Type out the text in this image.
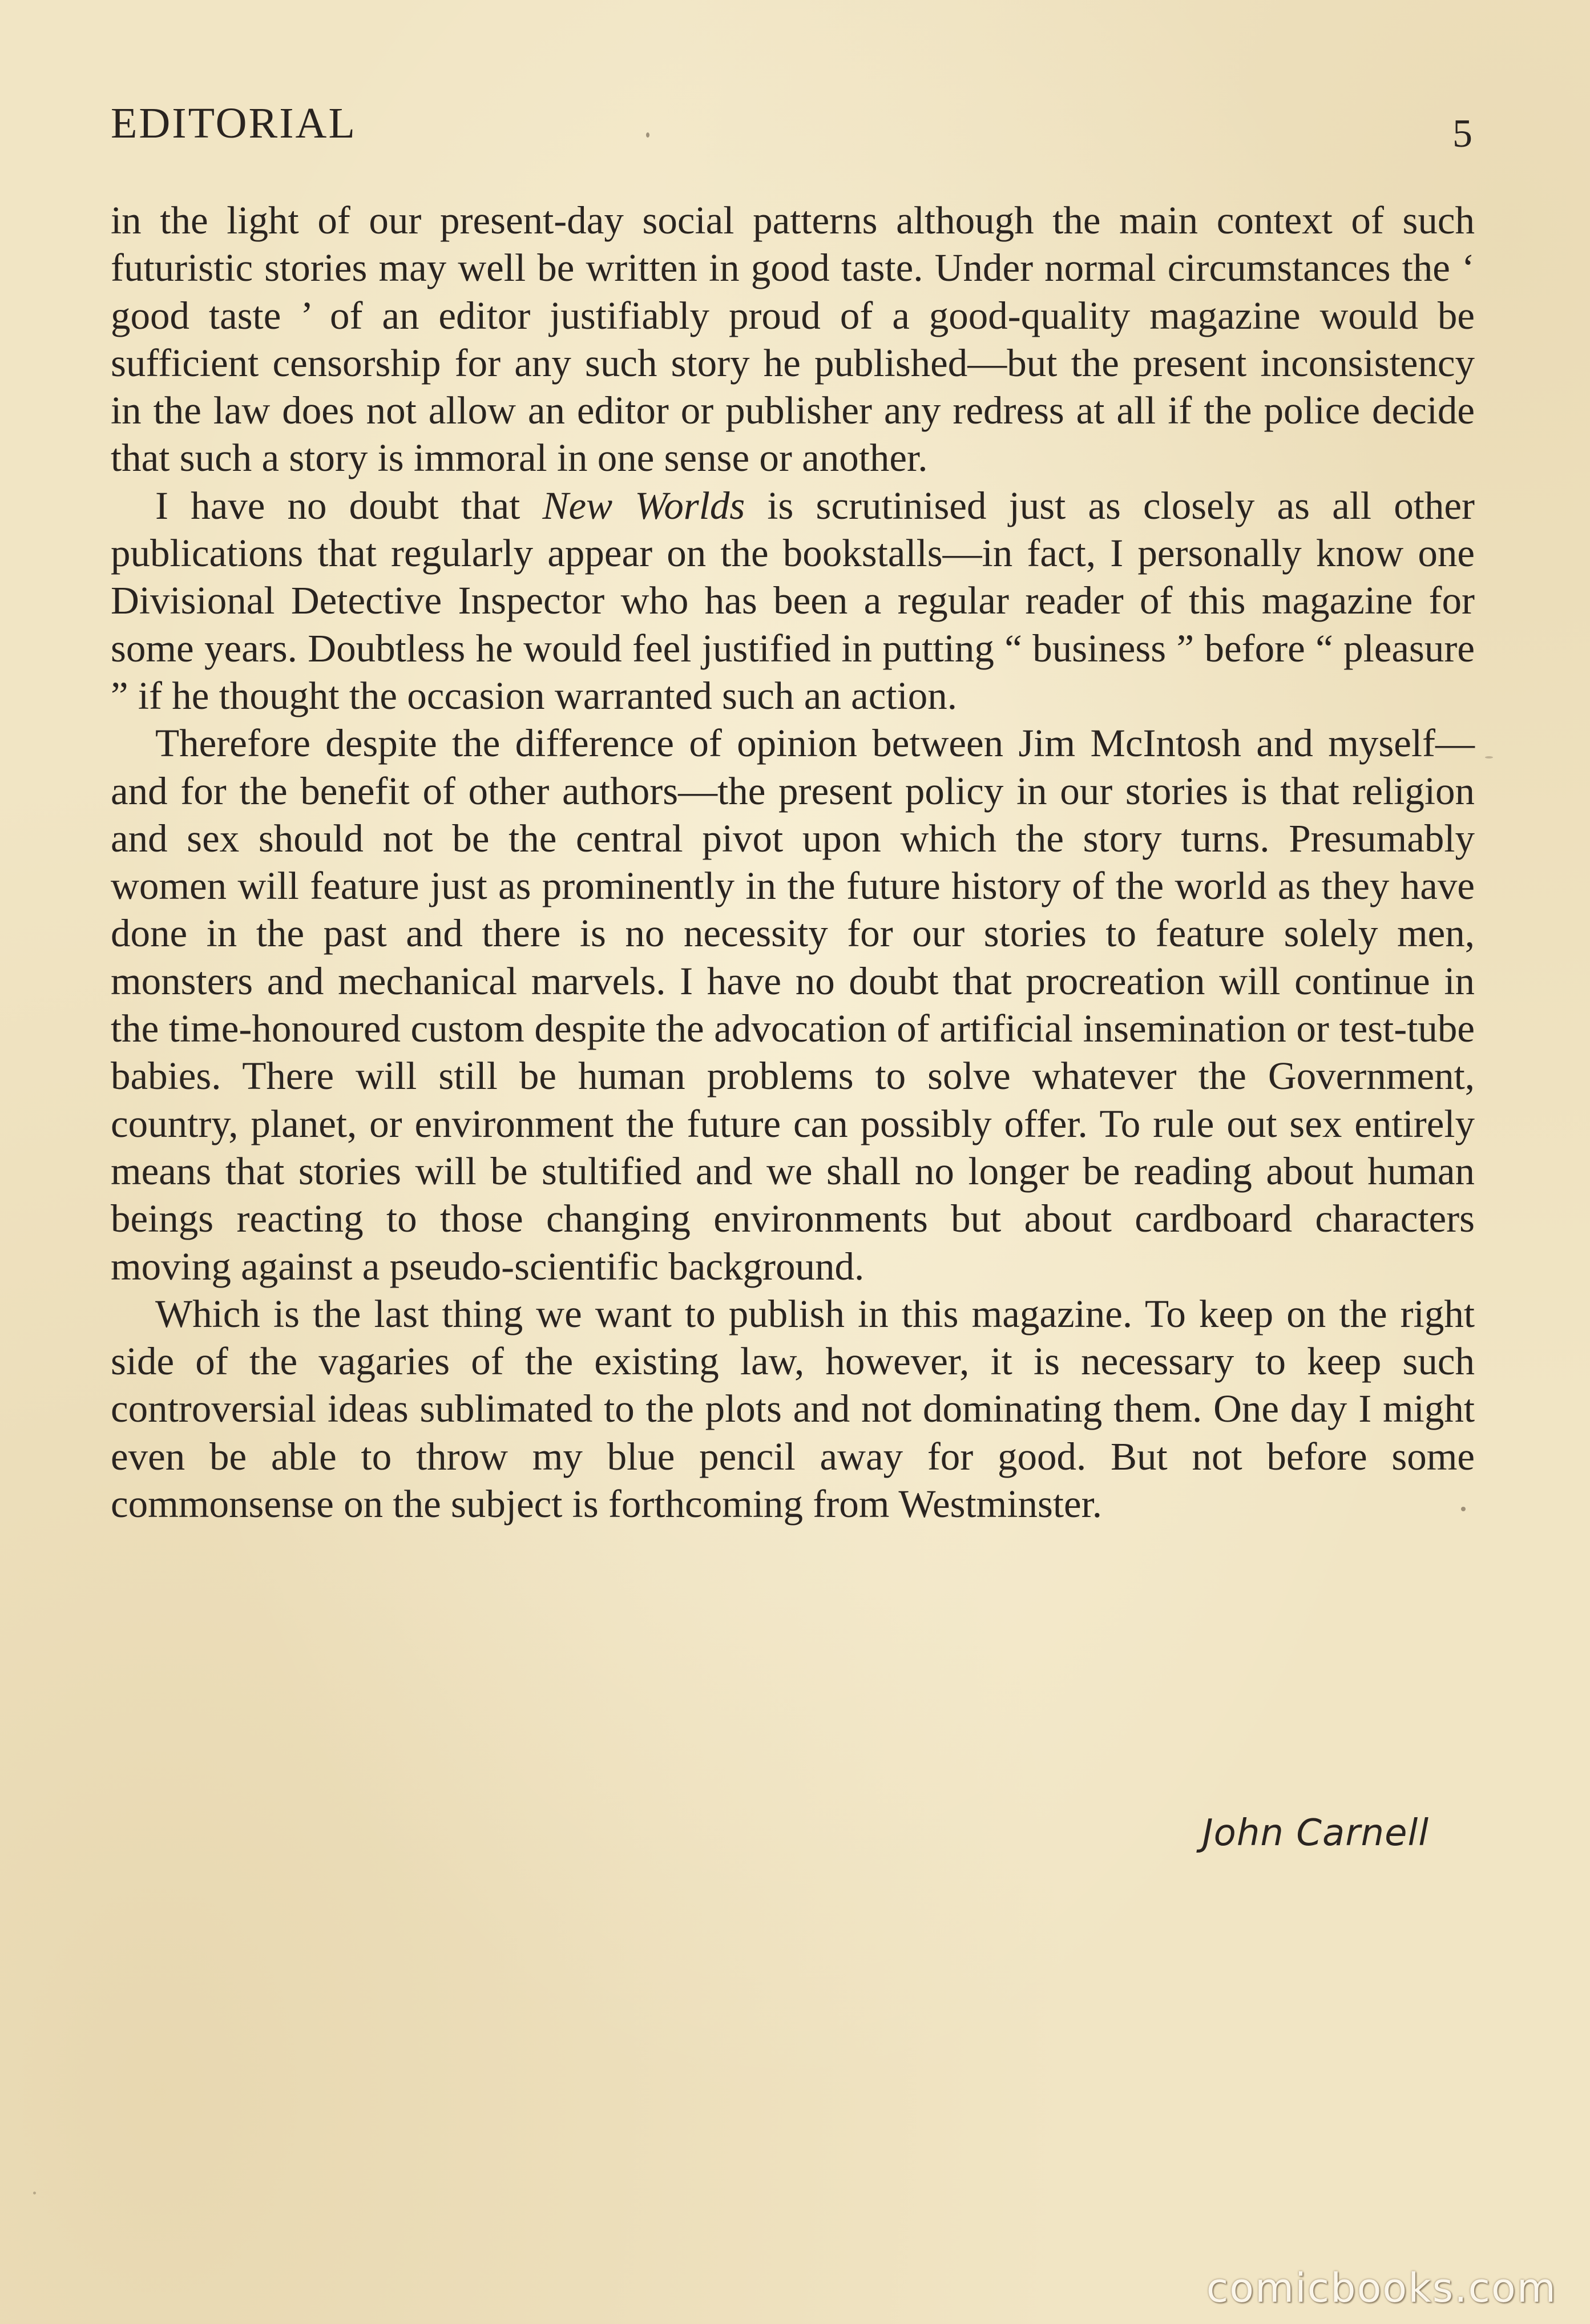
EDITORIAL	5

in the light of our present-day social patterns although the main context of such futuristic stories may well be written in good taste. Under normal circumstances the ‘ good taste ’ of an editor justifiably proud of a good-quality magazine would be sufficient censorship for any such story he published—but the present inconsistency in the law does not allow an editor or publisher any redress at all if the police decide that such a story is immoral in one sense or another.

I have no doubt that New Worlds is scrutinised just as closely as all other publications that regularly appear on the bookstalls—in fact, I personally know one Divisional Detective Inspector who has been a regular reader of this magazine for some years. Doubtless he would feel justified in putting “ business ” before “ pleasure ” if he thought the occasion warranted such an action.

Therefore despite the difference of opinion between Jim McIntosh and myself—and for the benefit of other authors—the present policy in our stories is that religion and sex should not be the central pivot upon which the story turns. Presumably women will feature just as prominently in the future history of the world as they have done in the past and there is no necessity for our stories to feature solely men, monsters and mechanical marvels. I have no doubt that procreation will continue in the time-honoured custom despite the advocation of artificial insemination or test-tube babies. There will still be human problems to solve whatever the Government, country, planet, or environment the future can possibly offer. To rule out sex entirely means that stories will be stultified and we shall no longer be reading about human beings reacting to those changing environments but about cardboard characters moving against a pseudo-scientific background.

Which is the last thing we want to publish in this magazine. To keep on the right side of the vagaries of the existing law, however, it is necessary to keep such controversial ideas sublimated to the plots and not dominating them. One day I might even be able to throw my blue pencil away for good. But not before some commonsense on the subject is forthcoming from Westminster.

John Carnell
comicbooks.com
